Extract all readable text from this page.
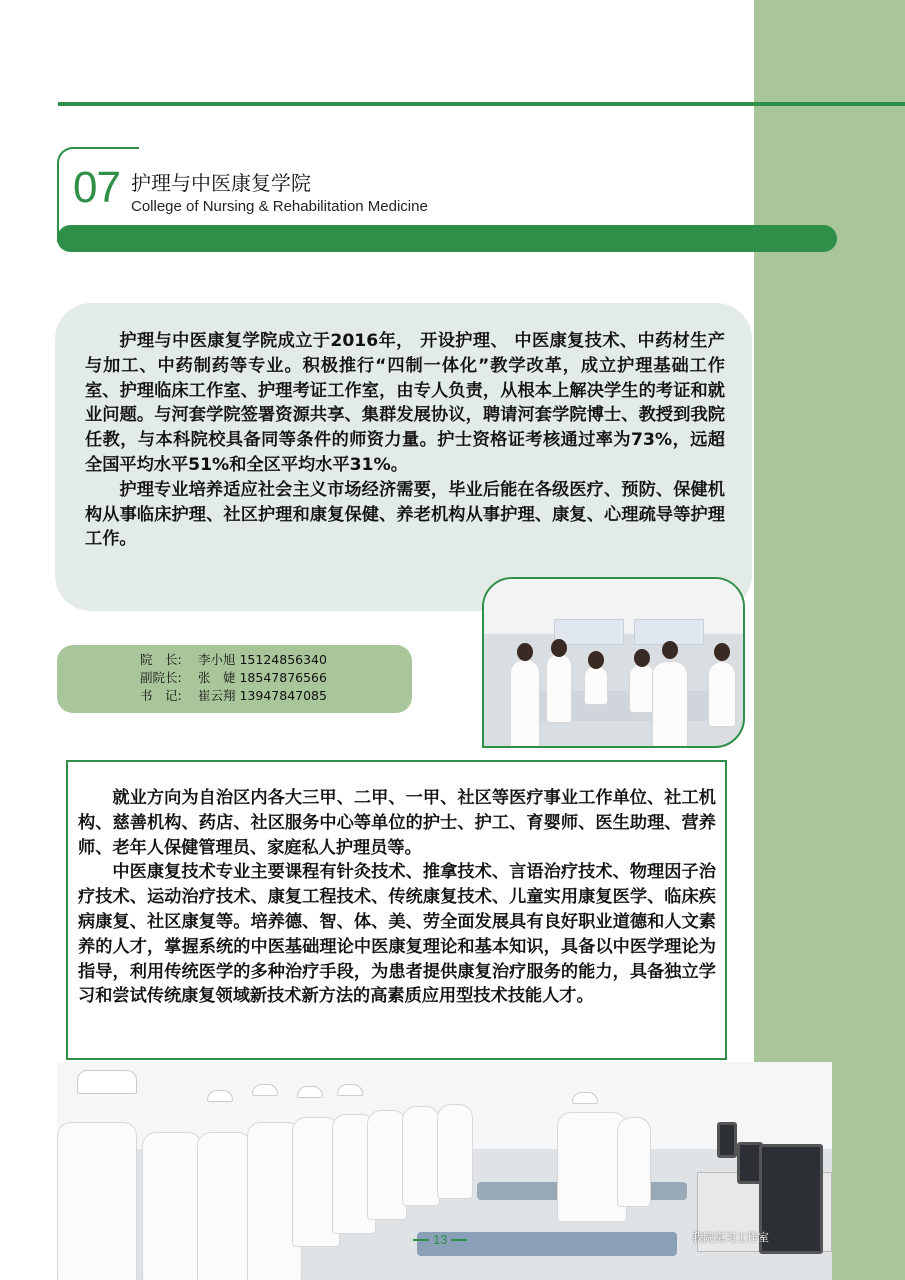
07 护理与中医康复学院
College of Nursing & Rehabilitation Medicine

护理与中医康复学院成立于2016年， 开设护理、 中医康复技术、中药材生产与加工、中药制药等专业。积极推行“四制一体化”教学改革，成立护理基础工作室、护理临床工作室、护理考证工作室，由专人负责，从根本上解决学生的考证和就业问题。与河套学院签署资源共享、集群发展协议，聘请河套学院博士、教授到我院任教，与本科院校具备同等条件的师资力量。护士资格证考核通过率为73%，远超全国平均水平51%和全区平均水平31%。

护理专业培养适应社会主义市场经济需要，毕业后能在各级医疗、预防、保健机构从事临床护理、社区护理和康复保健、养老机构从事护理、康复、心理疏导等护理工作。

院　长: 李小旭 15124856340
副院长: 张　婕 18547876566
书　记: 崔云翔 13947847085

就业方向为自治区内各大三甲、二甲、一甲、社区等医疗事业工作单位、社工机构、慈善机构、药店、社区服务中心等单位的护士、护工、育婴师、医生助理、营养师、老年人保健管理员、家庭私人护理员等。

中医康复技术专业主要课程有针灸技术、推拿技术、言语治疗技术、物理因子治疗技术、运动治疗技术、康复工程技术、传统康复技术、儿童实用康复医学、临床疾病康复、社区康复等。培养德、智、体、美、劳全面发展具有良好职业道德和人文素养的人才，掌握系统的中医基础理论中医康复理论和基本知识，具备以中医学理论为指导，利用传统医学的多种治疗手段，为患者提供康复治疗服务的能力，具备独立学习和尝试传统康复领域新技术新方法的高素质应用型技术技能人才。

13	我院实习工作室
